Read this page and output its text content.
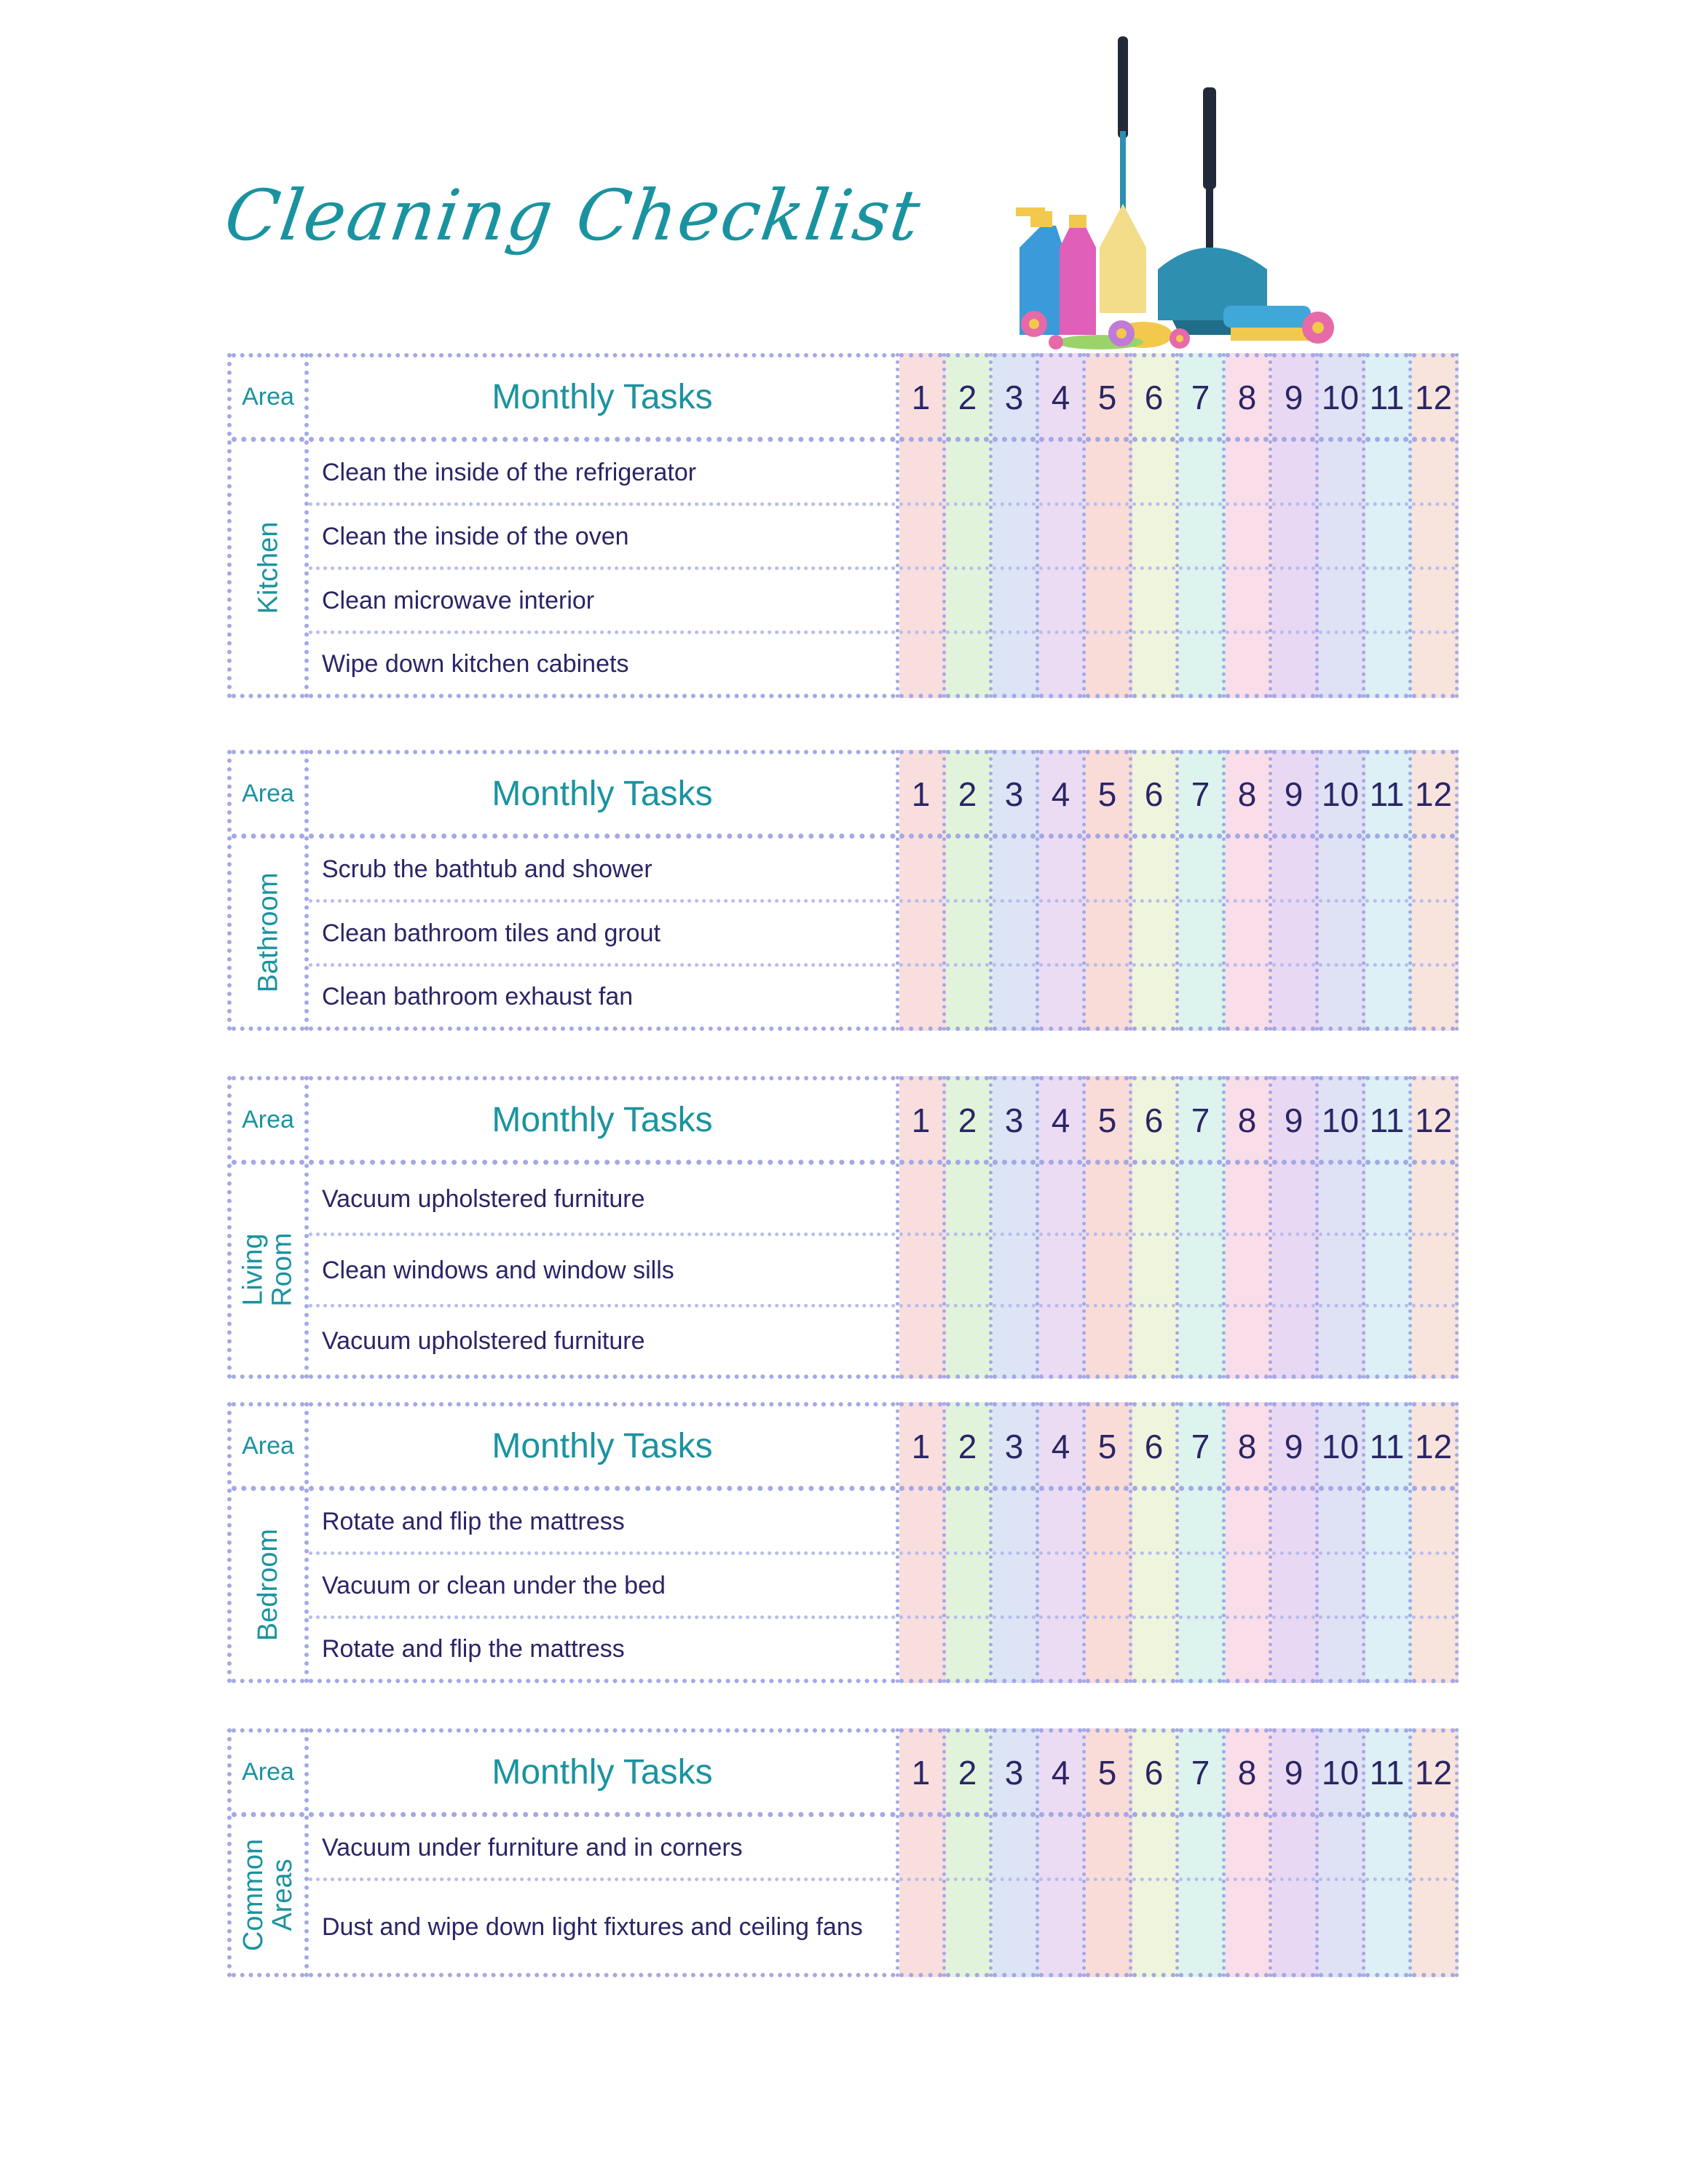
Cleaning Checklist
Area
Kitchen
Monthly Tasks
Clean the inside of the refrigerator
Clean the inside of the oven
Clean microwave interior
Wipe down kitchen cabinets
1 2 3 4 5 6 7 8 9 10 11 12
Area
Bathroom
Monthly Tasks
Scrub the bathtub and shower
Clean bathroom tiles and grout
Clean bathroom exhaust fan
1 2 3 4 5 6 7 8 9 10 11 12
Area
Living
Room
Monthly Tasks
Vacuum upholstered furniture
Clean windows and window sills
Vacuum upholstered furniture
1 2 3 4 5 6 7 8 9 10 11 12
Area
Bedroom
Monthly Tasks
Rotate and flip the mattress
Vacuum or clean under the bed
Rotate and flip the mattress
1 2 3 4 5 6 7 8 9 10 11 12
Area
Common
Areas
Monthly Tasks
Vacuum under furniture and in corners
Dust and wipe down light fixtures and ceiling fans
1 2 3 4 5 6 7 8 9 10 11 12
